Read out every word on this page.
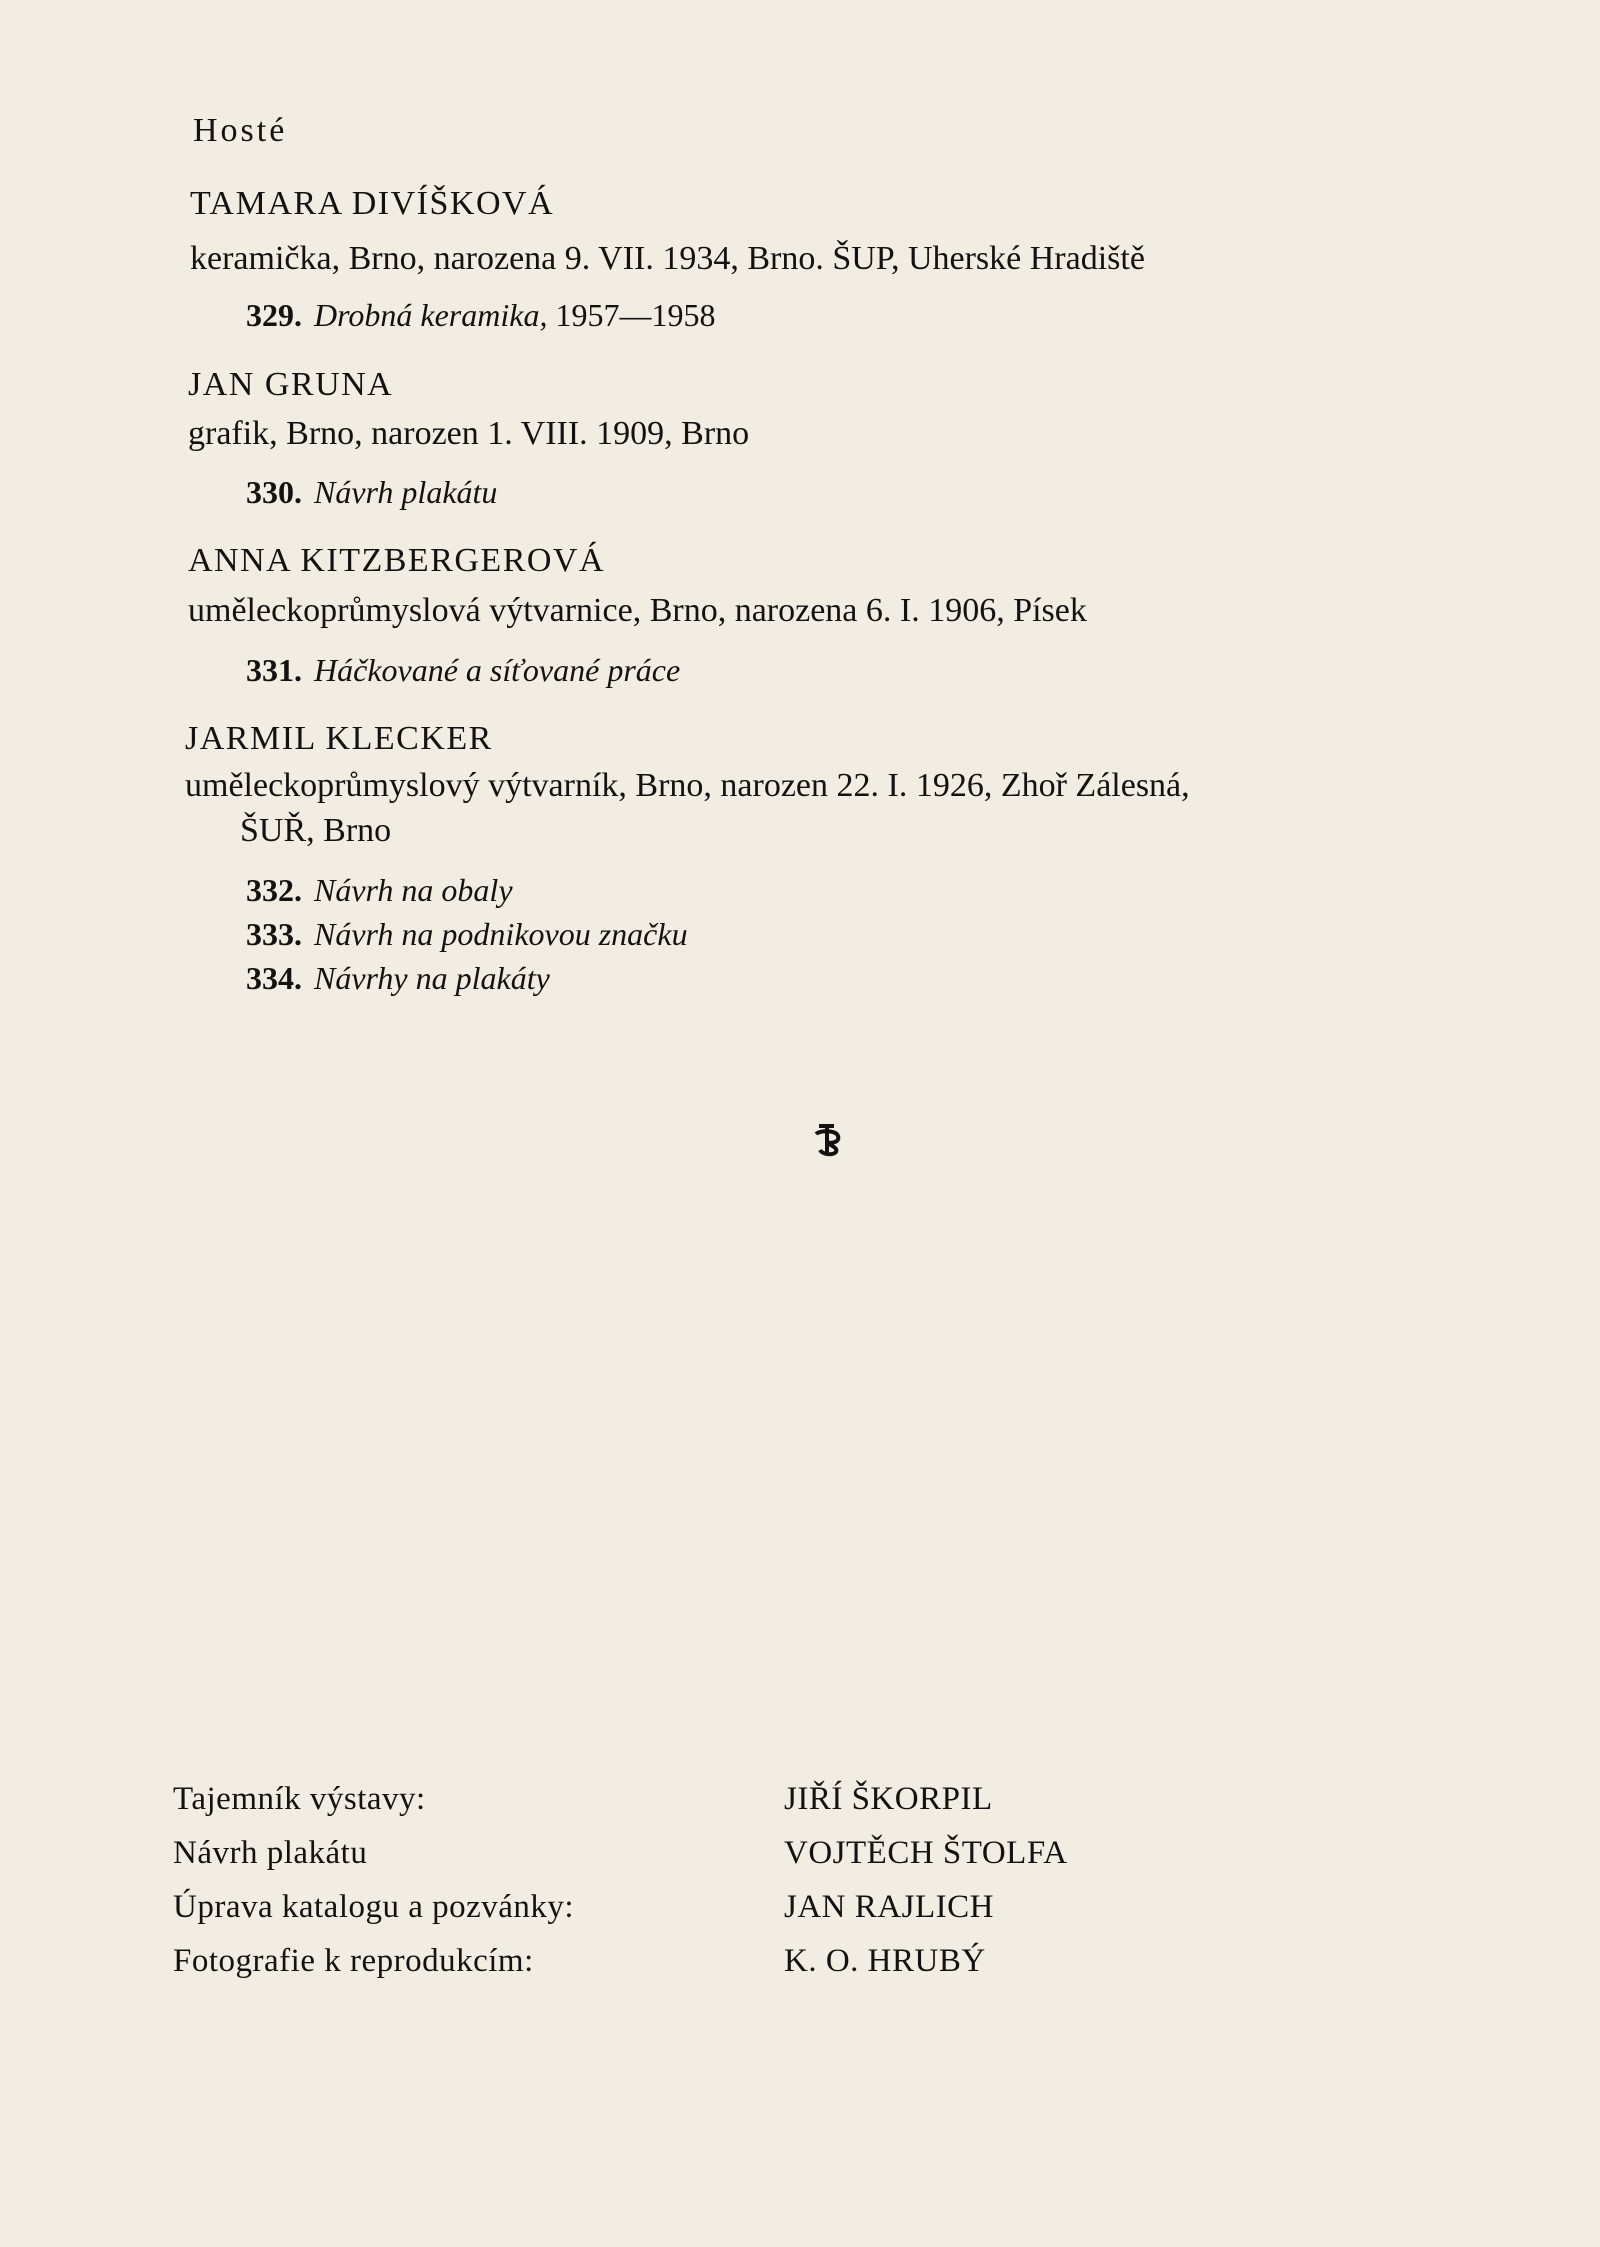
Hosté
TAMARA DIVÍŠKOVÁ
keramička, Brno, narozena 9. VII. 1934, Brno. ŠUP, Uherské Hradiště
329. Drobná keramika, 1957—1958
JAN GRUNA
grafik, Brno, narozen 1. VIII. 1909, Brno
330. Návrh plakátu
ANNA KITZBERGEROVÁ
uměleckoprůmyslová výtvarnice, Brno, narozena 6. I. 1906, Písek
331. Háčkované a síťované práce
JARMIL KLECKER
uměleckoprůmyslový výtvarník, Brno, narozen 22. I. 1926, Zhoř Zálesná,
ŠUŘ, Brno
332. Návrh na obaly
333. Návrh na podnikovou značku
334. Návrhy na plakáty
Tajemník výstavy:	JIŘÍ ŠKORPIL
Návrh plakátu	VOJTĚCH ŠTOLFA
Úprava katalogu a pozvánky:	JAN RAJLICH
Fotografie k reprodukcím:	K. O. HRUBÝ
